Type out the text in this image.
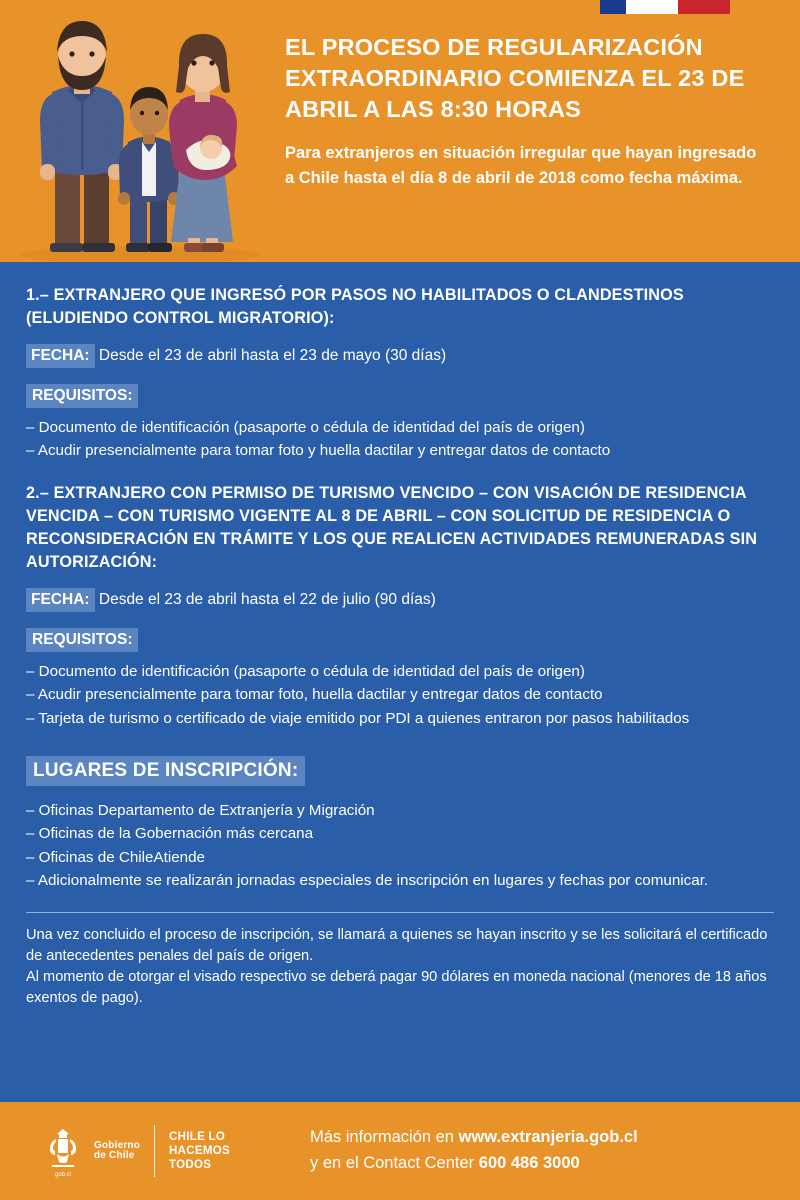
EL PROCESO DE REGULARIZACIÓN EXTRAORDINARIO COMIENZA EL 23 DE ABRIL A LAS 8:30 HORAS

Para extranjeros en situación irregular que hayan ingresado a Chile hasta el día 8 de abril de 2018 como fecha máxima.

1.– EXTRANJERO QUE INGRESÓ POR PASOS NO HABILITADOS O CLANDESTINOS (ELUDIENDO CONTROL MIGRATORIO):
FECHA: Desde el 23 de abril hasta el 23 de mayo (30 días)
REQUISITOS:
– Documento de identificación (pasaporte o cédula de identidad del país de origen)
– Acudir presencialmente para tomar foto y huella dactilar y entregar datos de contacto
2.– EXTRANJERO CON PERMISO DE TURISMO VENCIDO – CON VISACIÓN DE RESIDENCIA VENCIDA – CON TURISMO VIGENTE AL 8 DE ABRIL – CON SOLICITUD DE RESIDENCIA O RECONSIDERACIÓN EN TRÁMITE Y LOS QUE REALICEN ACTIVIDADES REMUNERADAS SIN AUTORIZACIÓN:
FECHA: Desde el 23 de abril hasta el 22 de julio (90 días)
REQUISITOS:
– Documento de identificación (pasaporte o cédula de identidad del país de origen)
– Acudir presencialmente para tomar foto, huella dactilar y entregar datos de contacto
– Tarjeta de turismo o certificado de viaje emitido por PDI a quienes entraron por pasos habilitados
LUGARES DE INSCRIPCIÓN:
– Oficinas Departamento de Extranjería y Migración
– Oficinas de la Gobernación más cercana
– Oficinas de ChileAtiende
– Adicionalmente se realizarán jornadas especiales de inscripción en lugares y fechas por comunicar.

Una vez concluido el proceso de inscripción, se llamará a quienes se hayan inscrito y se les solicitará el certificado de antecedentes penales del país de origen.

Al momento de otorgar el visado respectivo se deberá pagar 90 dólares en moneda nacional (menores de 18 años exentos de pago).

gob.cl
Gobierno
de Chile
CHILE LO
HACEMOS
TODOS
Más información en www.extranjeria.gob.cl
y en el Contact Center 600 486 3000
